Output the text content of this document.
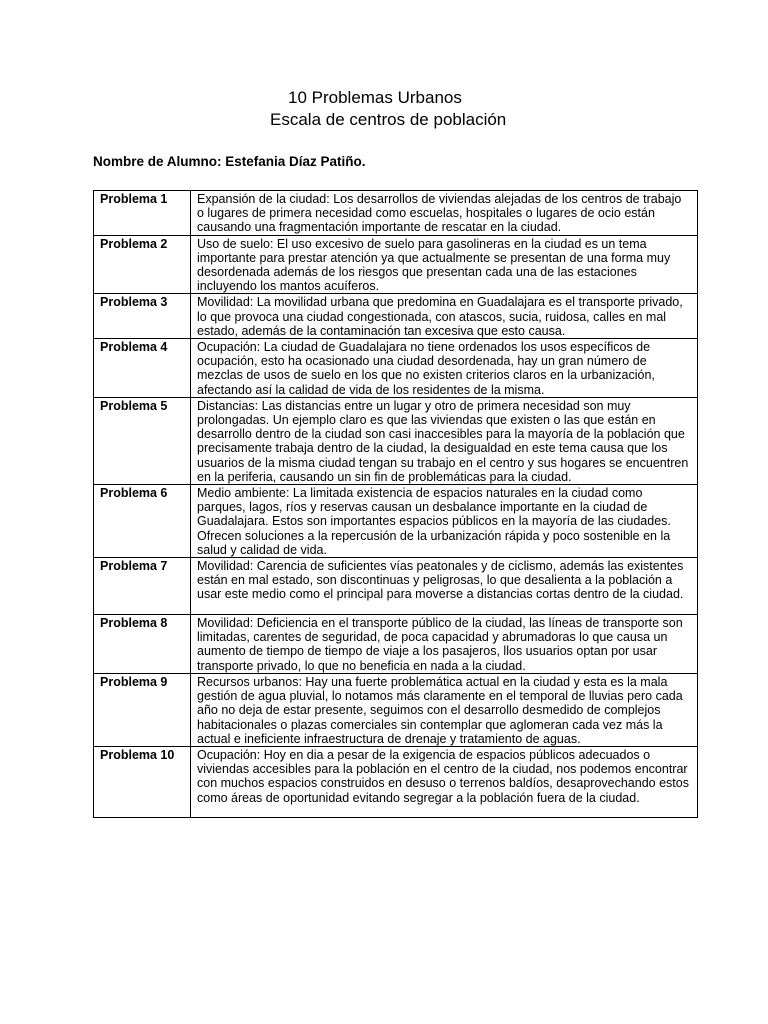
10 Problemas Urbanos
Escala de centros de población
Nombre de Alumno: Estefania Díaz Patiño.
Problema 1	Expansión de la ciudad: Los desarrollos de viviendas alejadas de los centros de trabajo o lugares de primera necesidad como escuelas, hospitales o lugares de ocio están causando una fragmentación importante de rescatar en la ciudad.
Problema 2	Uso de suelo: El uso excesivo de suelo para gasolineras en la ciudad es un tema importante para prestar atención ya que actualmente se presentan de una forma muy desordenada además de los riesgos que presentan cada una de las estaciones incluyendo los mantos acuíferos.
Problema 3	Movilidad: La movilidad urbana que predomina en Guadalajara es el transporte privado, lo que provoca una ciudad congestionada, con atascos, sucia, ruidosa, calles en mal estado, además de la contaminación tan excesiva que esto causa.
Problema 4	Ocupación: La ciudad de Guadalajara no tiene ordenados los usos específicos de ocupación, esto ha ocasionado una ciudad desordenada, hay un gran número de mezclas de usos de suelo en los que no existen criterios claros en la urbanización, afectando así la calidad de vida de los residentes de la misma.
Problema 5	Distancias: Las distancias entre un lugar y otro de primera necesidad son muy prolongadas. Un ejemplo claro es que las viviendas que existen o las que están en desarrollo dentro de la ciudad son casi inaccesibles para la mayoría de la población que precisamente trabaja dentro de la ciudad, la desigualdad en este tema causa que los usuarios de la misma ciudad tengan su trabajo en el centro y sus hogares se encuentren en la periferia, causando un sin fin de problemáticas para la ciudad.
Problema 6	Medio ambiente: La limitada existencia de espacios naturales en la ciudad como parques, lagos, ríos y reservas causan un desbalance importante en la ciudad de Guadalajara. Estos son importantes espacios públicos en la mayoría de las ciudades. Ofrecen soluciones a la repercusión de la urbanización rápida y poco sostenible en la salud y calidad de vida.
Problema 7	Movilidad: Carencia de suficientes vías peatonales y de ciclismo, además las existentes están en mal estado, son discontinuas y peligrosas, lo que desalienta a la población a usar este medio como el principal para moverse a distancias cortas dentro de la ciudad.
Problema 8	Movilidad: Deficiencia en el transporte público de la ciudad, las líneas de transporte son limitadas, carentes de seguridad, de poca capacidad y abrumadoras lo que causa un aumento de tiempo de tiempo de viaje a los pasajeros, llos usuarios optan por usar transporte privado, lo que no beneficia en nada a la ciudad.
Problema 9	Recursos urbanos: Hay una fuerte problemática actual en la ciudad y esta es la mala gestión de agua pluvial, lo notamos más claramente en el temporal de lluvias pero cada año no deja de estar presente, seguimos con el desarrollo desmedido de complejos habitacionales o plazas comerciales sin contemplar que aglomeran cada vez más la actual e ineficiente infraestructura de drenaje y tratamiento de aguas.
Problema 10	Ocupación: Hoy en dia a pesar de la exigencia de espacios públicos adecuados o viviendas accesibles para la población en el centro de la ciudad, nos podemos encontrar con muchos espacios construidos en desuso o terrenos baldíos, desaprovechando estos como áreas de oportunidad evitando segregar a la población fuera de la ciudad.
